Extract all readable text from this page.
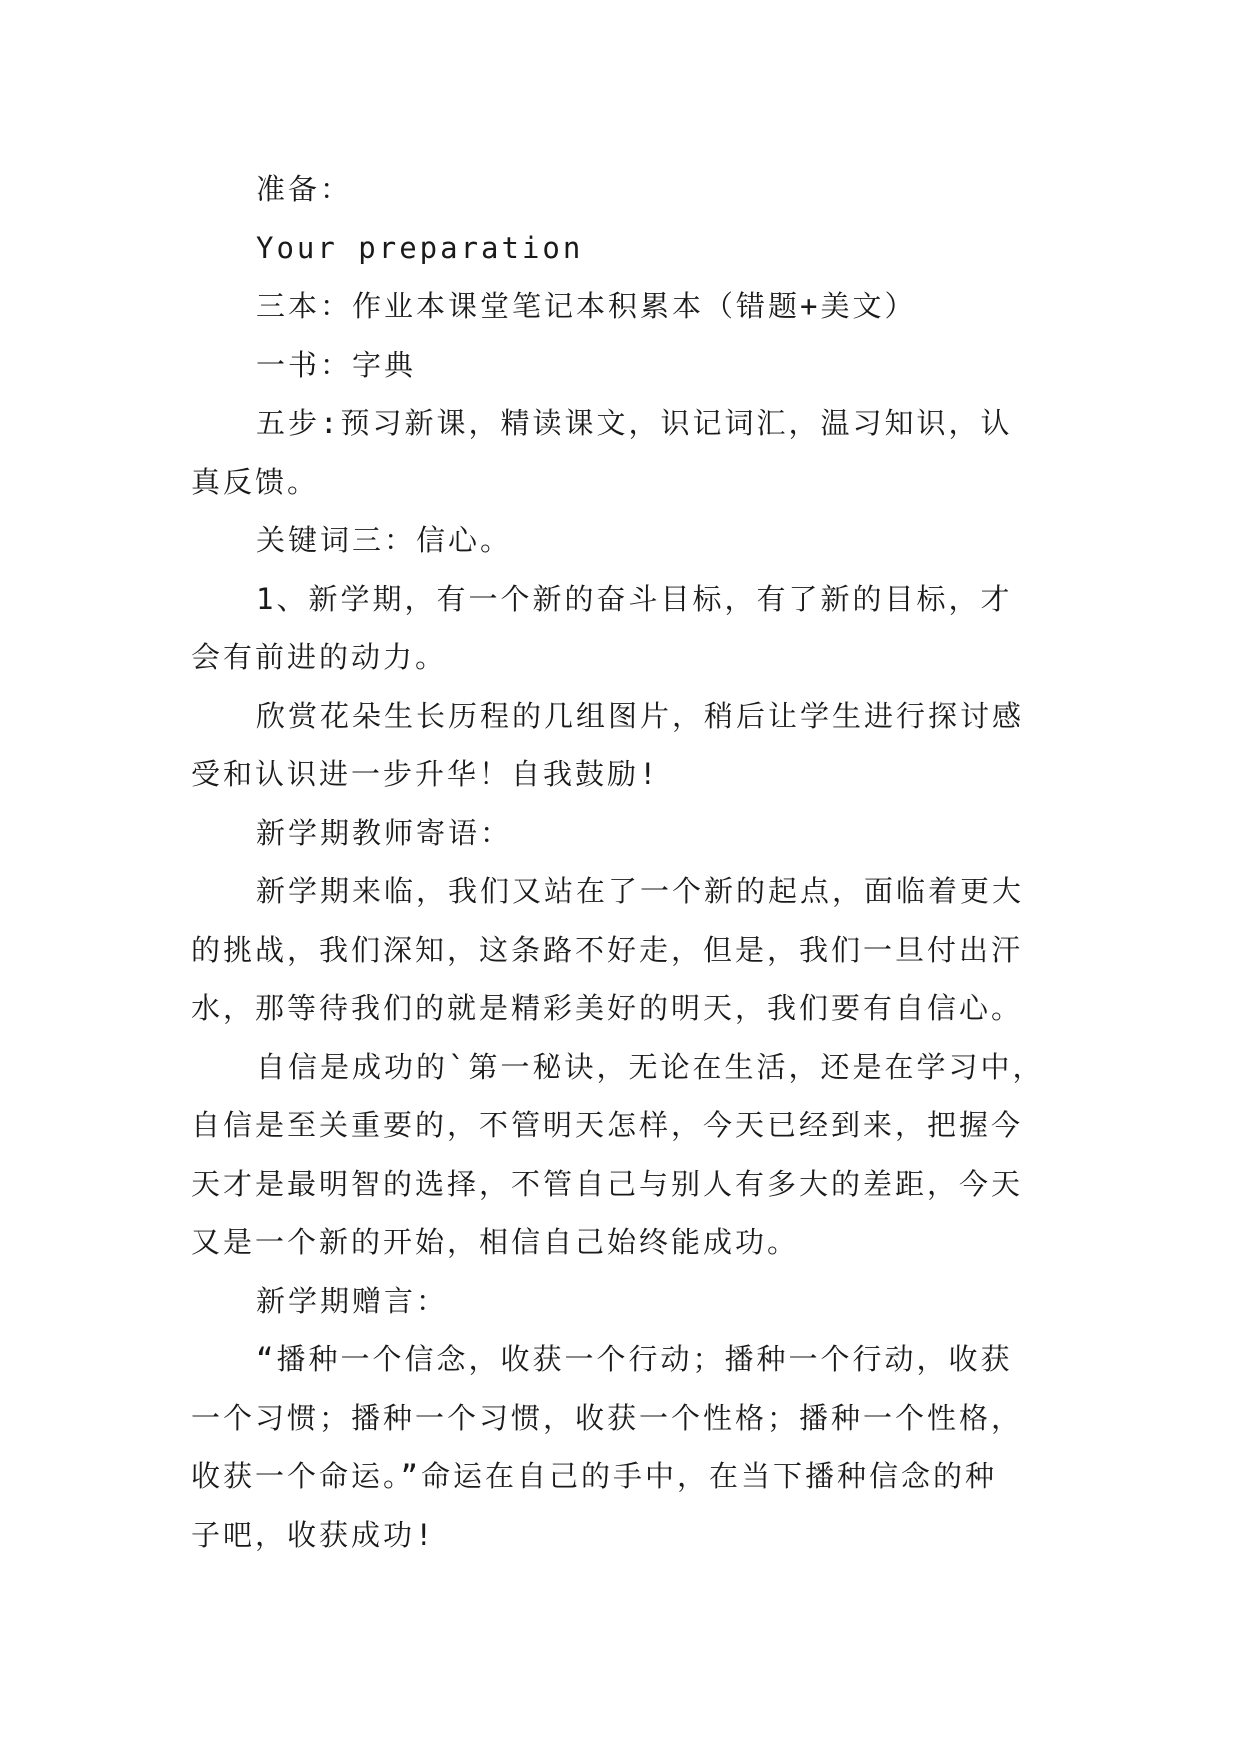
准备：

Your preparation

三本：作业本课堂笔记本积累本（错题+美文）

一书：字典

五步:预习新课，精读课文，识记词汇，温习知识，认
真反馈。

关键词三：信心。

1、新学期，有一个新的奋斗目标，有了新的目标，才
会有前进的动力。

欣赏花朵生长历程的几组图片，稍后让学生进行探讨感
受和认识进一步升华！自我鼓励!

新学期教师寄语：

新学期来临，我们又站在了一个新的起点，面临着更大
的挑战，我们深知，这条路不好走，但是，我们一旦付出汗
水，那等待我们的就是精彩美好的明天，我们要有自信心。

自信是成功的`第一秘诀，无论在生活，还是在学习中，
自信是至关重要的，不管明天怎样，今天已经到来，把握今
天才是最明智的选择，不管自己与别人有多大的差距，今天
又是一个新的开始，相信自己始终能成功。

新学期赠言：

“播种一个信念，收获一个行动；播种一个行动，收获
一个习惯；播种一个习惯，收获一个性格；播种一个性格，
收获一个命运。”命运在自己的手中，在当下播种信念的种
子吧，收获成功!
